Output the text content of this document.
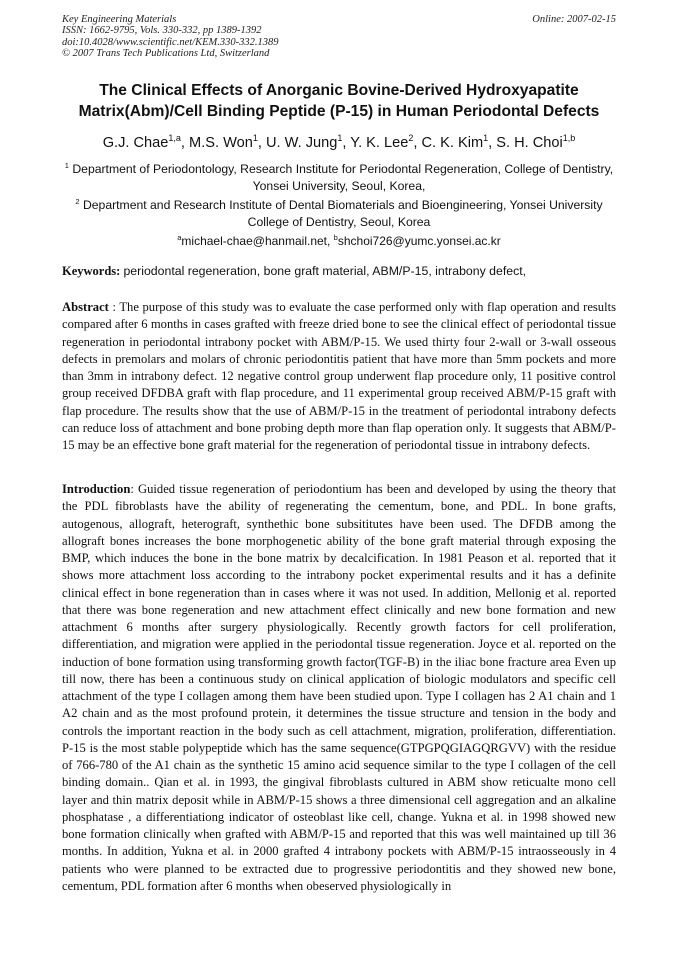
Key Engineering Materials
ISSN: 1662-9795, Vols. 330-332, pp 1389-1392
doi:10.4028/www.scientific.net/KEM.330-332.1389
© 2007 Trans Tech Publications Ltd, Switzerland
Online: 2007-02-15
The Clinical Effects of Anorganic Bovine-Derived Hydroxyapatite Matrix(Abm)/Cell Binding Peptide (P-15) in Human Periodontal Defects
G.J. Chae$^{1,a}$, M.S. Won$^1$, U. W. Jung$^1$, Y. K. Lee$^2$, C. K. Kim$^1$, S. H. Choi$^{1,b}$
$^1$ Department of Periodontology, Research Institute for Periodontal Regeneration, College of Dentistry, Yonsei University, Seoul, Korea,
$^2$ Department and Research Institute of Dental Biomaterials and Bioengineering, Yonsei University College of Dentistry, Seoul, Korea
$^a$michael-chae@hanmail.net, $^b$shchoi726@yumc.yonsei.ac.kr
Keywords: periodontal regeneration, bone graft material, ABM/P-15, intrabony defect,
Abstract : The purpose of this study was to evaluate the case performed only with flap operation and results compared after 6 months in cases grafted with freeze dried bone to see the clinical effect of periodontal tissue regeneration in periodontal intrabony pocket with ABM/P-15. We used thirty four 2-wall or 3-wall osseous defects in premolars and molars of chronic periodontitis patient that have more than 5mm pockets and more than 3mm in intrabony defect. 12 negative control group underwent flap procedure only, 11 positive control group received DFDBA graft with flap procedure, and 11 experimental group received ABM/P-15 graft with flap procedure. The results show that the use of ABM/P-15 in the treatment of periodontal intrabony defects can reduce loss of attachment and bone probing depth more than flap operation only. It suggests that ABM/P-15 may be an effective bone graft material for the regeneration of periodontal tissue in intrabony defects.
Introduction: Guided tissue regeneration of periodontium has been and developed by using the theory that the PDL fibroblasts have the ability of regenerating the cementum, bone, and PDL. In bone grafts, autogenous, allograft, heterograft, synthethic bone subsititutes have been used. The DFDB among the allograft bones increases the bone morphogenetic ability of the bone graft material through exposing the BMP, which induces the bone in the bone matrix by decalcification. In 1981 Peason et al. reported that it shows more attachment loss according to the intrabony pocket experimental results and it has a definite clinical effect in bone regeneration than in cases where it was not used. In addition, Mellonig et al. reported that there was bone regeneration and new attachment effect clinically and new bone formation and new attachment 6 months after surgery physiologically. Recently growth factors for cell proliferation, differentiation, and migration were applied in the periodontal tissue regeneration. Joyce et al. reported on the induction of bone formation using transforming growth factor(TGF-B) in the iliac bone fracture area Even up till now, there has been a continuous study on clinical application of biologic modulators and specific cell attachment of the type I collagen among them have been studied upon. Type I collagen has 2 A1 chain and 1 A2 chain and as the most profound protein, it determines the tissue structure and tension in the body and controls the important reaction in the body such as cell attachment, migration, proliferation, differentiation. P-15 is the most stable polypeptide which has the same sequence(GTPGPQGIAGQRGVV) with the residue of 766-780 of the A1 chain as the synthetic 15 amino acid sequence similar to the type I collagen of the cell binding domain.. Qian et al. in 1993, the gingival fibroblasts cultured in ABM show reticualte mono cell layer and thin matrix deposit while in ABM/P-15 shows a three dimensional cell aggregation and an alkaline phosphatase , a differentiationg indicator of osteoblast like cell, change. Yukna et al. in 1998 showed new bone formation clinically when grafted with ABM/P-15 and reported that this was well maintained up till 36 months. In addition, Yukna et al. in 2000 grafted 4 intrabony pockets with ABM/P-15 intraosseously in 4 patients who were planned to be extracted due to progressive periodontitis and they showed new bone, cementum, PDL formation after 6 months when obeserved physiologically in
